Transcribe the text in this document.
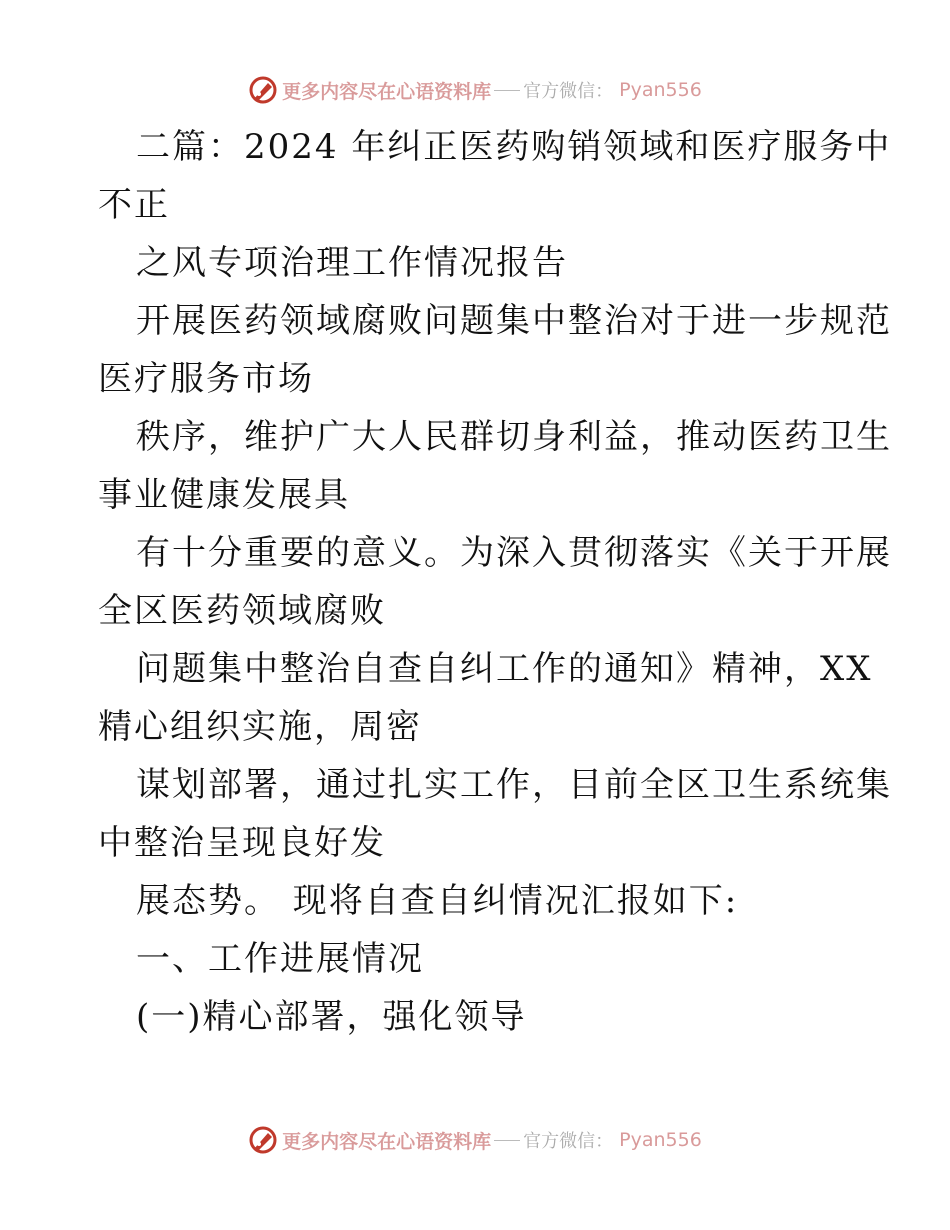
更多内容尽在心语资料库 官方微信 ： Pyan556
二篇：2024 年纠正医药购销领域和医疗服务中
不正
之风专项治理工作情况报告
开展医药领域腐败问题集中整治对于进一步规范
医疗服务市场
秩序，维护广大人民群切身利益，推动医药卫生
事业健康发展具
有十分重要的意义。为深入贯彻落实《关于开展
全区医药领域腐败
问题集中整治自查自纠工作的通知》精神，XX
精心组织实施，周密
谋划部署，通过扎实工作，目前全区卫生系统集
中整治呈现良好发
展态势。 现将自查自纠情况汇报如下:
一、工作进展情况
(一)精心部署，强化领导
更多内容尽在心语资料库 官方微信 ： Pyan556
